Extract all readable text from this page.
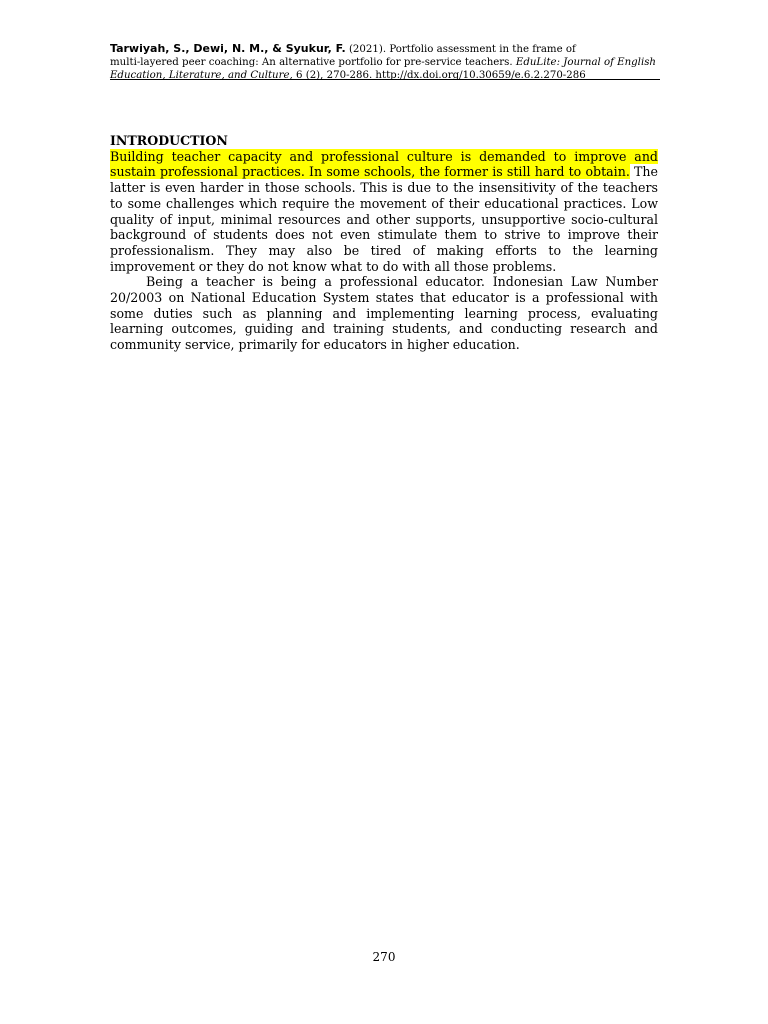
Tarwiyah, S., Dewi, N. M., & Syukur, F. (2021). Portfolio assessment in the frame of
multi-layered peer coaching: An alternative portfolio for pre-service teachers. EduLite: Journal of English
Education, Literature, and Culture, 6 (2), 270-286. http://dx.doi.org/10.30659/e.6.2.270-286

INTRODUCTION

Building teacher capacity and professional culture is demanded to improve and sustain professional practices. In some schools, the former is still hard to obtain. The latter is even harder in those schools. This is due to the insensitivity of the teachers to some challenges which require the movement of their educational practices. Low quality of input, minimal resources and other supports, unsupportive socio-cultural background of students does not even stimulate them to strive to improve their professionalism. They may also be tired of making efforts to the learning improvement or they do not know what to do with all those problems.

Being a teacher is being a professional educator. Indonesian Law Number 20/2003 on National Education System states that educator is a professional with some duties such as planning and implementing learning process, evaluating learning outcomes, guiding and training students, and conducting research and community service, primarily for educators in higher education.

270
